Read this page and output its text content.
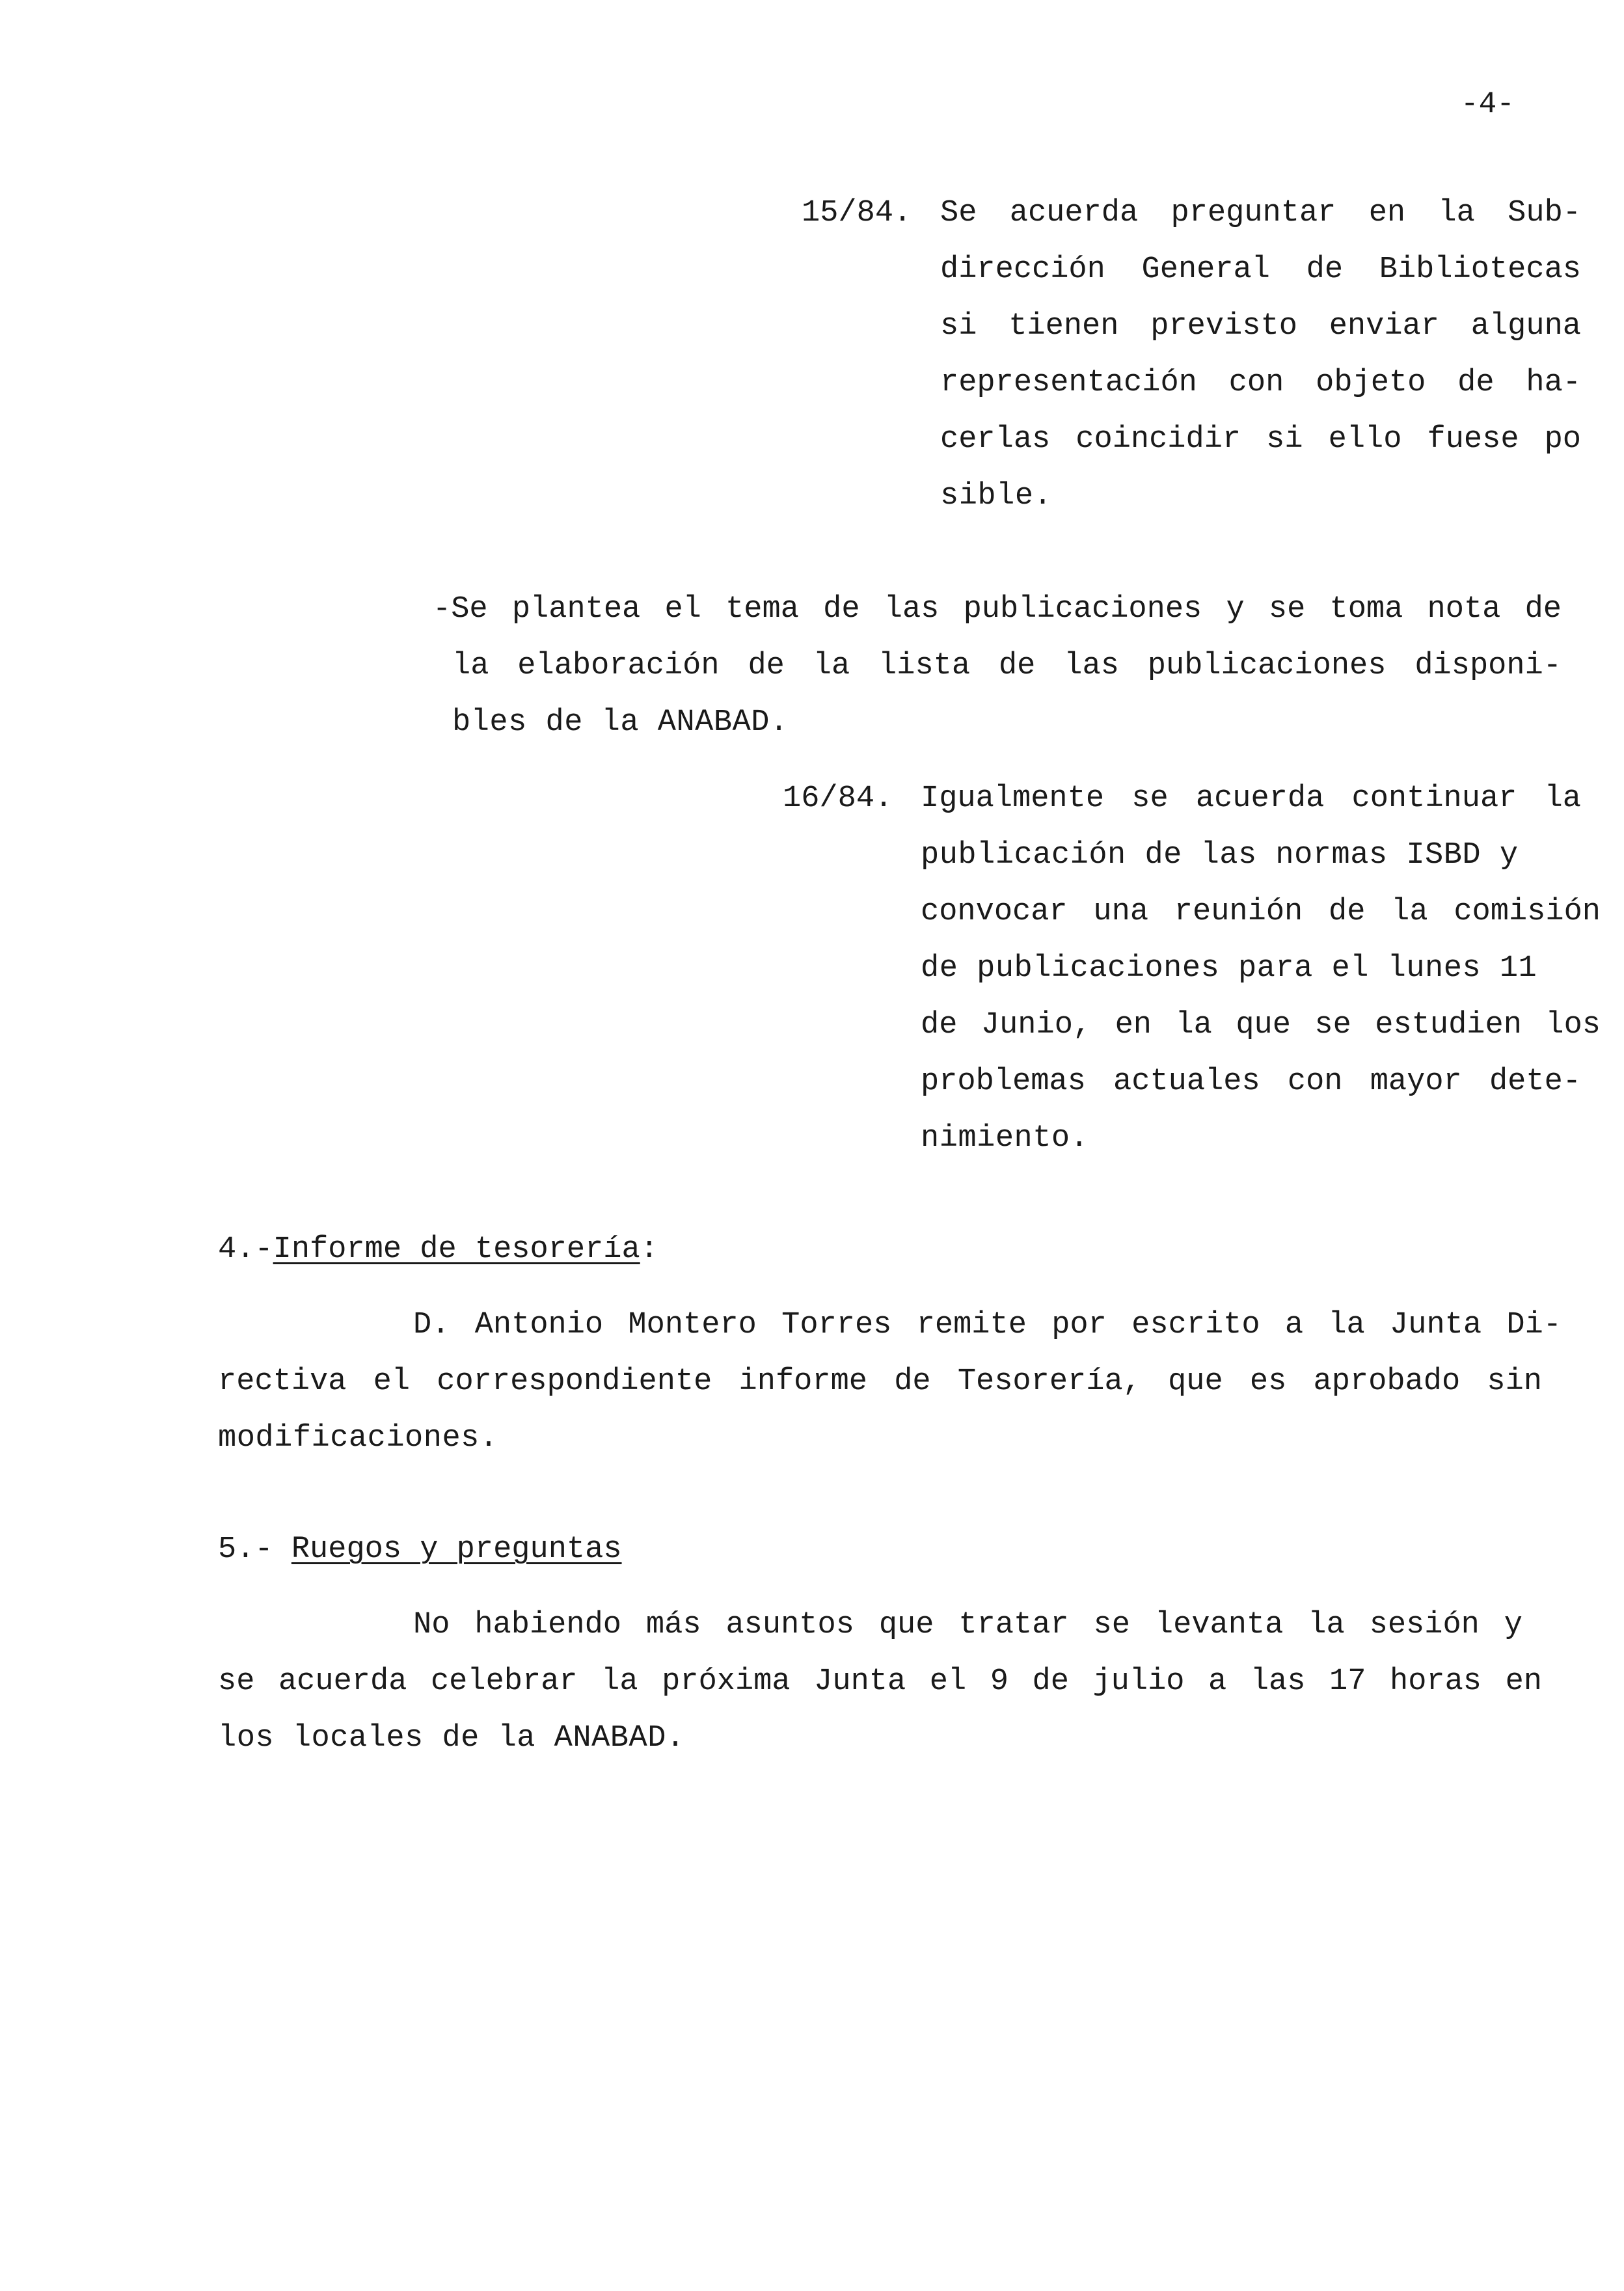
-4-
15/84. Se acuerda preguntar en la Sub-
dirección General de Bibliotecas
si tienen previsto enviar alguna
representación con objeto de ha-
cerlas coincidir si ello fuese po
sible.
-Se plantea el tema de las publicaciones y se toma nota de
la elaboración de la lista de las publicaciones disponi-
bles de la ANABAD.
16/84. Igualmente se acuerda continuar la
publicación de las normas ISBD y
convocar una reunión de la comisión
de publicaciones para el lunes 11
de Junio, en la que se estudien los
problemas actuales con mayor dete-
nimiento.
4.-Informe de tesorería:
D. Antonio Montero Torres remite por escrito a la Junta Di-
rectiva el correspondiente informe de Tesorería, que es aprobado sin
modificaciones.
5.- Ruegos y preguntas
No habiendo más asuntos que tratar se levanta la sesión y
se acuerda celebrar la próxima Junta el 9 de julio a las 17 horas en
los locales de la ANABAD.
